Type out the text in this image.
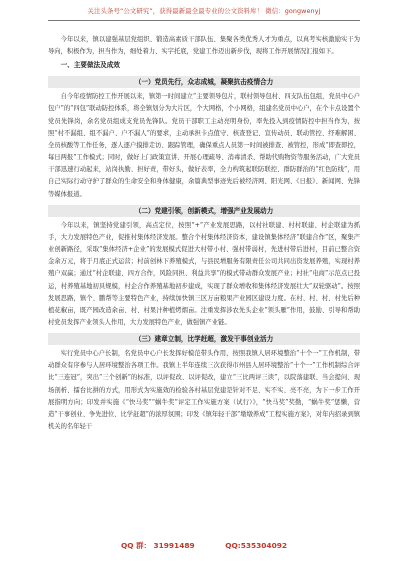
关注头条号“公文研究”，获得最新最全最专业的公文资料库！ 微信：gongwenyj

今年以来，镇以建强基层党组织、锻造高素质干部队伍、集聚各类优秀人才为重点，以真考实核激励实干为导向，积极作为，担当作为，细处着力、实字托底，党建工作迈出新步伐，现将工作开展情况汇报如下。

一、主要做法及成效

（一）党员先行，众志成城，凝聚抗击疫情合力

自今年疫情防控工作开展以来，镇第一时间建立“主要领导包片，联村领导包村、四支队伍包组，党员中心户包户”的“四包”联动防控体系，将全镇划分为大片区，个大网格，个小网格，组建名党员中心户，在个卡点设置个党员先锋岗，余名党员组成支党员先锋队。党员干部职工主动亮明身份，率先投入到疫情防控中担当作为，按照“村不漏组、组不漏户、户不漏人”的要求，主动承担卡点值守、核查登记、宣传动员、联动管控、纾难解困、全员核酸等工作任务，逐人逐户摸排走访、跟踪管理，确保重点人员第一时间被排查、被管控，形成“即查即控，每日两报”工作模式；同时，做好上门政策宣讲、开展心理疏导、消毒清杀、帮助代购物资等服务活动，广大党员干部迅速行动起来，站岗执勤、担好责，带好头，做好表率，全力构筑起联防联控、群防群治的“红色防线”，用自己实际行动守护了群众的生命安全和身体健康，余篇典型事迹先后被经济网、阳光网、《日报》、新闻网、先锋等媒体报道。

（二）党建引领，创新模式，增强产业发展动力

今年以来，镇坚持党建引领，高点定位，按照“+”产业发展思路，以村社联建、村村联建、村企联建为抓手，大力发展特色产业，促推村集体经济发展。整合个村集体经济资本，建设镇集体经济“联建合作”区，聚集产业创新路径，采取“集体经济+企业”的发展模式促进大村带小村、强村带弱村，先进村带后进村，目前已整合资金余万元，将于月底正式运营；村前创林下养殖模式，与县民增服务有限责任公司共同出资发展养殖，实现村养殖户双赢；通过“村企联建、四方合作，风险同担、利益共享”的模式带动群众发展产业；村社“电商”示范点已投运，村养殖基地初具规模，村企合作养殖基地初步建成，实现了群众增收和集体经济发展壮大“双轮驱动”。按照发展思路，镇个、鹏帮等主要特色产业，持续加快镇三区万亩粮果产业园区建设力度。在村、村、村、村先后种植花椒亩，既产园改造余亩、村、村果汁种植烤烟亩。注重发挥涉农先头企业“领头雁”作用，鼓励、引导和帮助村党员发挥产业领头人作用，大力发展特色产业，做强镇产业链。

（三）建章立制，比学赶超，激发干事创业活力

实行党员中心户长制，名党员中心户长发挥好模范带头作用，按照我镇人居环境整治“十个一”工作机制，带动群众有序参与人居环境整治各项工作。我镇上半年连续三次获得市州县人居环境整治“十个一”工作机制综合评比“三连冠”，突出“三个创新”的标准，以评促改、以评促改，建立“三比两评三读”，以院落建联、当会提问、现场剖析、擂台比拼的方式，用形式为实施效的检验各村基层党建是针对不足、实不实、亮不亮，为下一步工作开展指明方向；印发并实施《“快马奖”“蜗牛奖”评定工作实施方案（试行）》，“快马奖”奖勤，“蜗牛奖”惩懒，营造“干事创业、争先进位、比学赶超”的浓厚氛围；印发《镇年轻干部“墩墩养成”工程实施方案》，对年内招录到镇机关的名年轻干

QQ 群： 31991489	QQ:535304092
